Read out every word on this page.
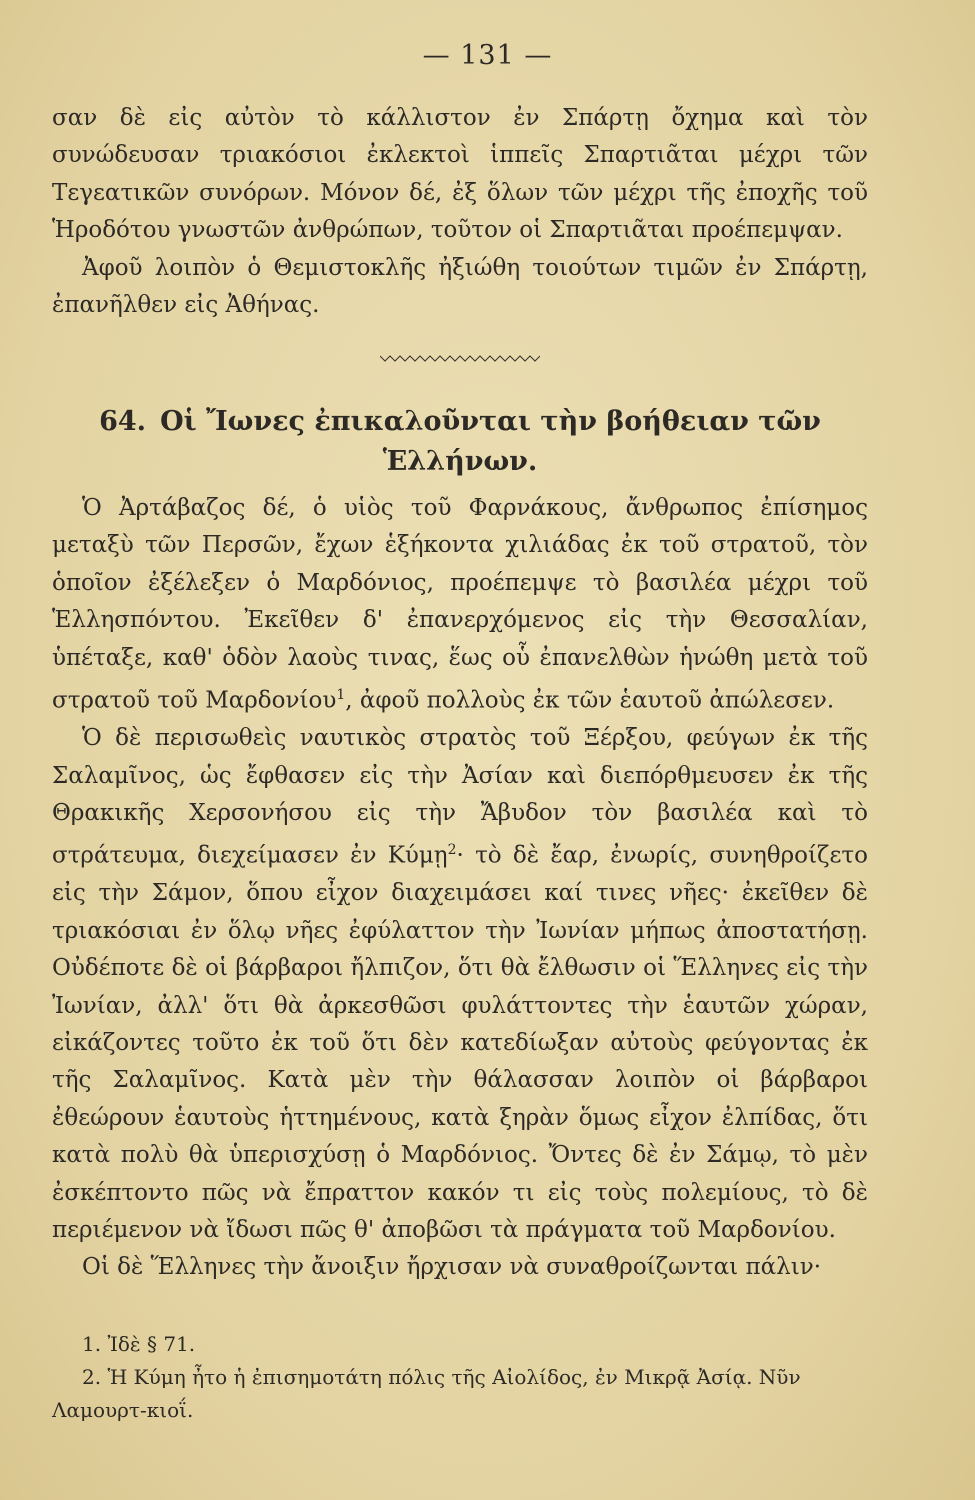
— 131 —

σαν δὲ εἰς αὐτὸν τὸ κάλλιστον ἐν Σπάρτῃ ὄχημα καὶ τὸν συνώδευσαν τριακόσιοι ἐκλεκτοὶ ἱππεῖς Σπαρτιᾶται μέχρι τῶν Τεγεατικῶν συνόρων. Μόνον δέ, ἐξ ὅλων τῶν μέχρι τῆς ἐποχῆς τοῦ Ἡροδότου γνωστῶν ἀνθρώπων, τοῦτον οἱ Σπαρτιᾶται προέπεμψαν.

Ἀφοῦ λοιπὸν ὁ Θεμιστοκλῆς ἠξιώθη τοιούτων τιμῶν ἐν Σπάρτῃ, ἐπανῆλθεν εἰς Ἀθήνας.

64. Οἱ Ἴωνες ἐπικαλοῦνται τὴν βοήθειαν τῶν Ἑλλήνων.

Ὁ Ἀρτάβαζος δέ, ὁ υἱὸς τοῦ Φαρνάκους, ἄνθρωπος ἐπίσημος μεταξὺ τῶν Περσῶν, ἔχων ἑξήκοντα χιλιάδας ἐκ τοῦ στρατοῦ, τὸν ὁποῖον ἐξέλεξεν ὁ Μαρδόνιος, προέπεμψε τὸ βασιλέα μέχρι τοῦ Ἑλλησπόντου. Ἐκεῖθεν δ' ἐπανερχόμενος εἰς τὴν Θεσσαλίαν, ὑπέταξε, καθ' ὁδὸν λαοὺς τινας, ἕως οὗ ἐπανελθὼν ἡνώθη μετὰ τοῦ στρατοῦ τοῦ Μαρδονίου$^1$, ἀφοῦ πολλοὺς ἐκ τῶν ἑαυτοῦ ἀπώλεσεν.

Ὁ δὲ περισωθεὶς ναυτικὸς στρατὸς τοῦ Ξέρξου, φεύγων ἐκ τῆς Σαλαμῖνος, ὡς ἔφθασεν εἰς τὴν Ἀσίαν καὶ διεπόρθμευσεν ἐκ τῆς Θρακικῆς Χερσονήσου εἰς τὴν Ἄβυδον τὸν βασιλέα καὶ τὸ στράτευμα, διεχείμασεν ἐν Κύμῃ$^2$· τὸ δὲ ἔαρ, ἐνωρίς, συνηθροίζετο εἰς τὴν Σάμον, ὅπου εἶχον διαχειμάσει καί τινες νῆες· ἐκεῖθεν δὲ τριακόσιαι ἐν ὅλῳ νῆες ἐφύλαττον τὴν Ἰωνίαν μήπως ἀποστατήσῃ. Οὐδέποτε δὲ οἱ βάρβαροι ἤλπιζον, ὅτι θὰ ἔλθωσιν οἱ Ἕλληνες εἰς τὴν Ἰωνίαν, ἀλλ' ὅτι θὰ ἀρκεσθῶσι φυλάττοντες τὴν ἑαυτῶν χώραν, εἰκάζοντες τοῦτο ἐκ τοῦ ὅτι δὲν κατεδίωξαν αὐτοὺς φεύγοντας ἐκ τῆς Σαλαμῖνος. Κατὰ μὲν τὴν θάλασσαν λοιπὸν οἱ βάρβαροι ἐθεώρουν ἑαυτοὺς ἡττημένους, κατὰ ξηρὰν ὅμως εἶχον ἐλπίδας, ὅτι κατὰ πολὺ θὰ ὑπερισχύσῃ ὁ Μαρδόνιος. Ὄντες δὲ ἐν Σάμῳ, τὸ μὲν ἐσκέπτοντο πῶς νὰ ἔπραττον κακόν τι εἰς τοὺς πολεμίους, τὸ δὲ περιέμενον νὰ ἴδωσι πῶς θ' ἀποβῶσι τὰ πράγματα τοῦ Μαρδονίου.

Οἱ δὲ Ἕλληνες τὴν ἄνοιξιν ἤρχισαν νὰ συναθροίζωνται πάλιν·

1. Ἰδὲ § 71.

2. Ἡ Κύμη ἦτο ἡ ἐπισημοτάτη πόλις τῆς Αἰολίδος, ἐν Μικρᾷ Ἀσίᾳ. Νῦν Λαμουρτ-κιοΐ.
